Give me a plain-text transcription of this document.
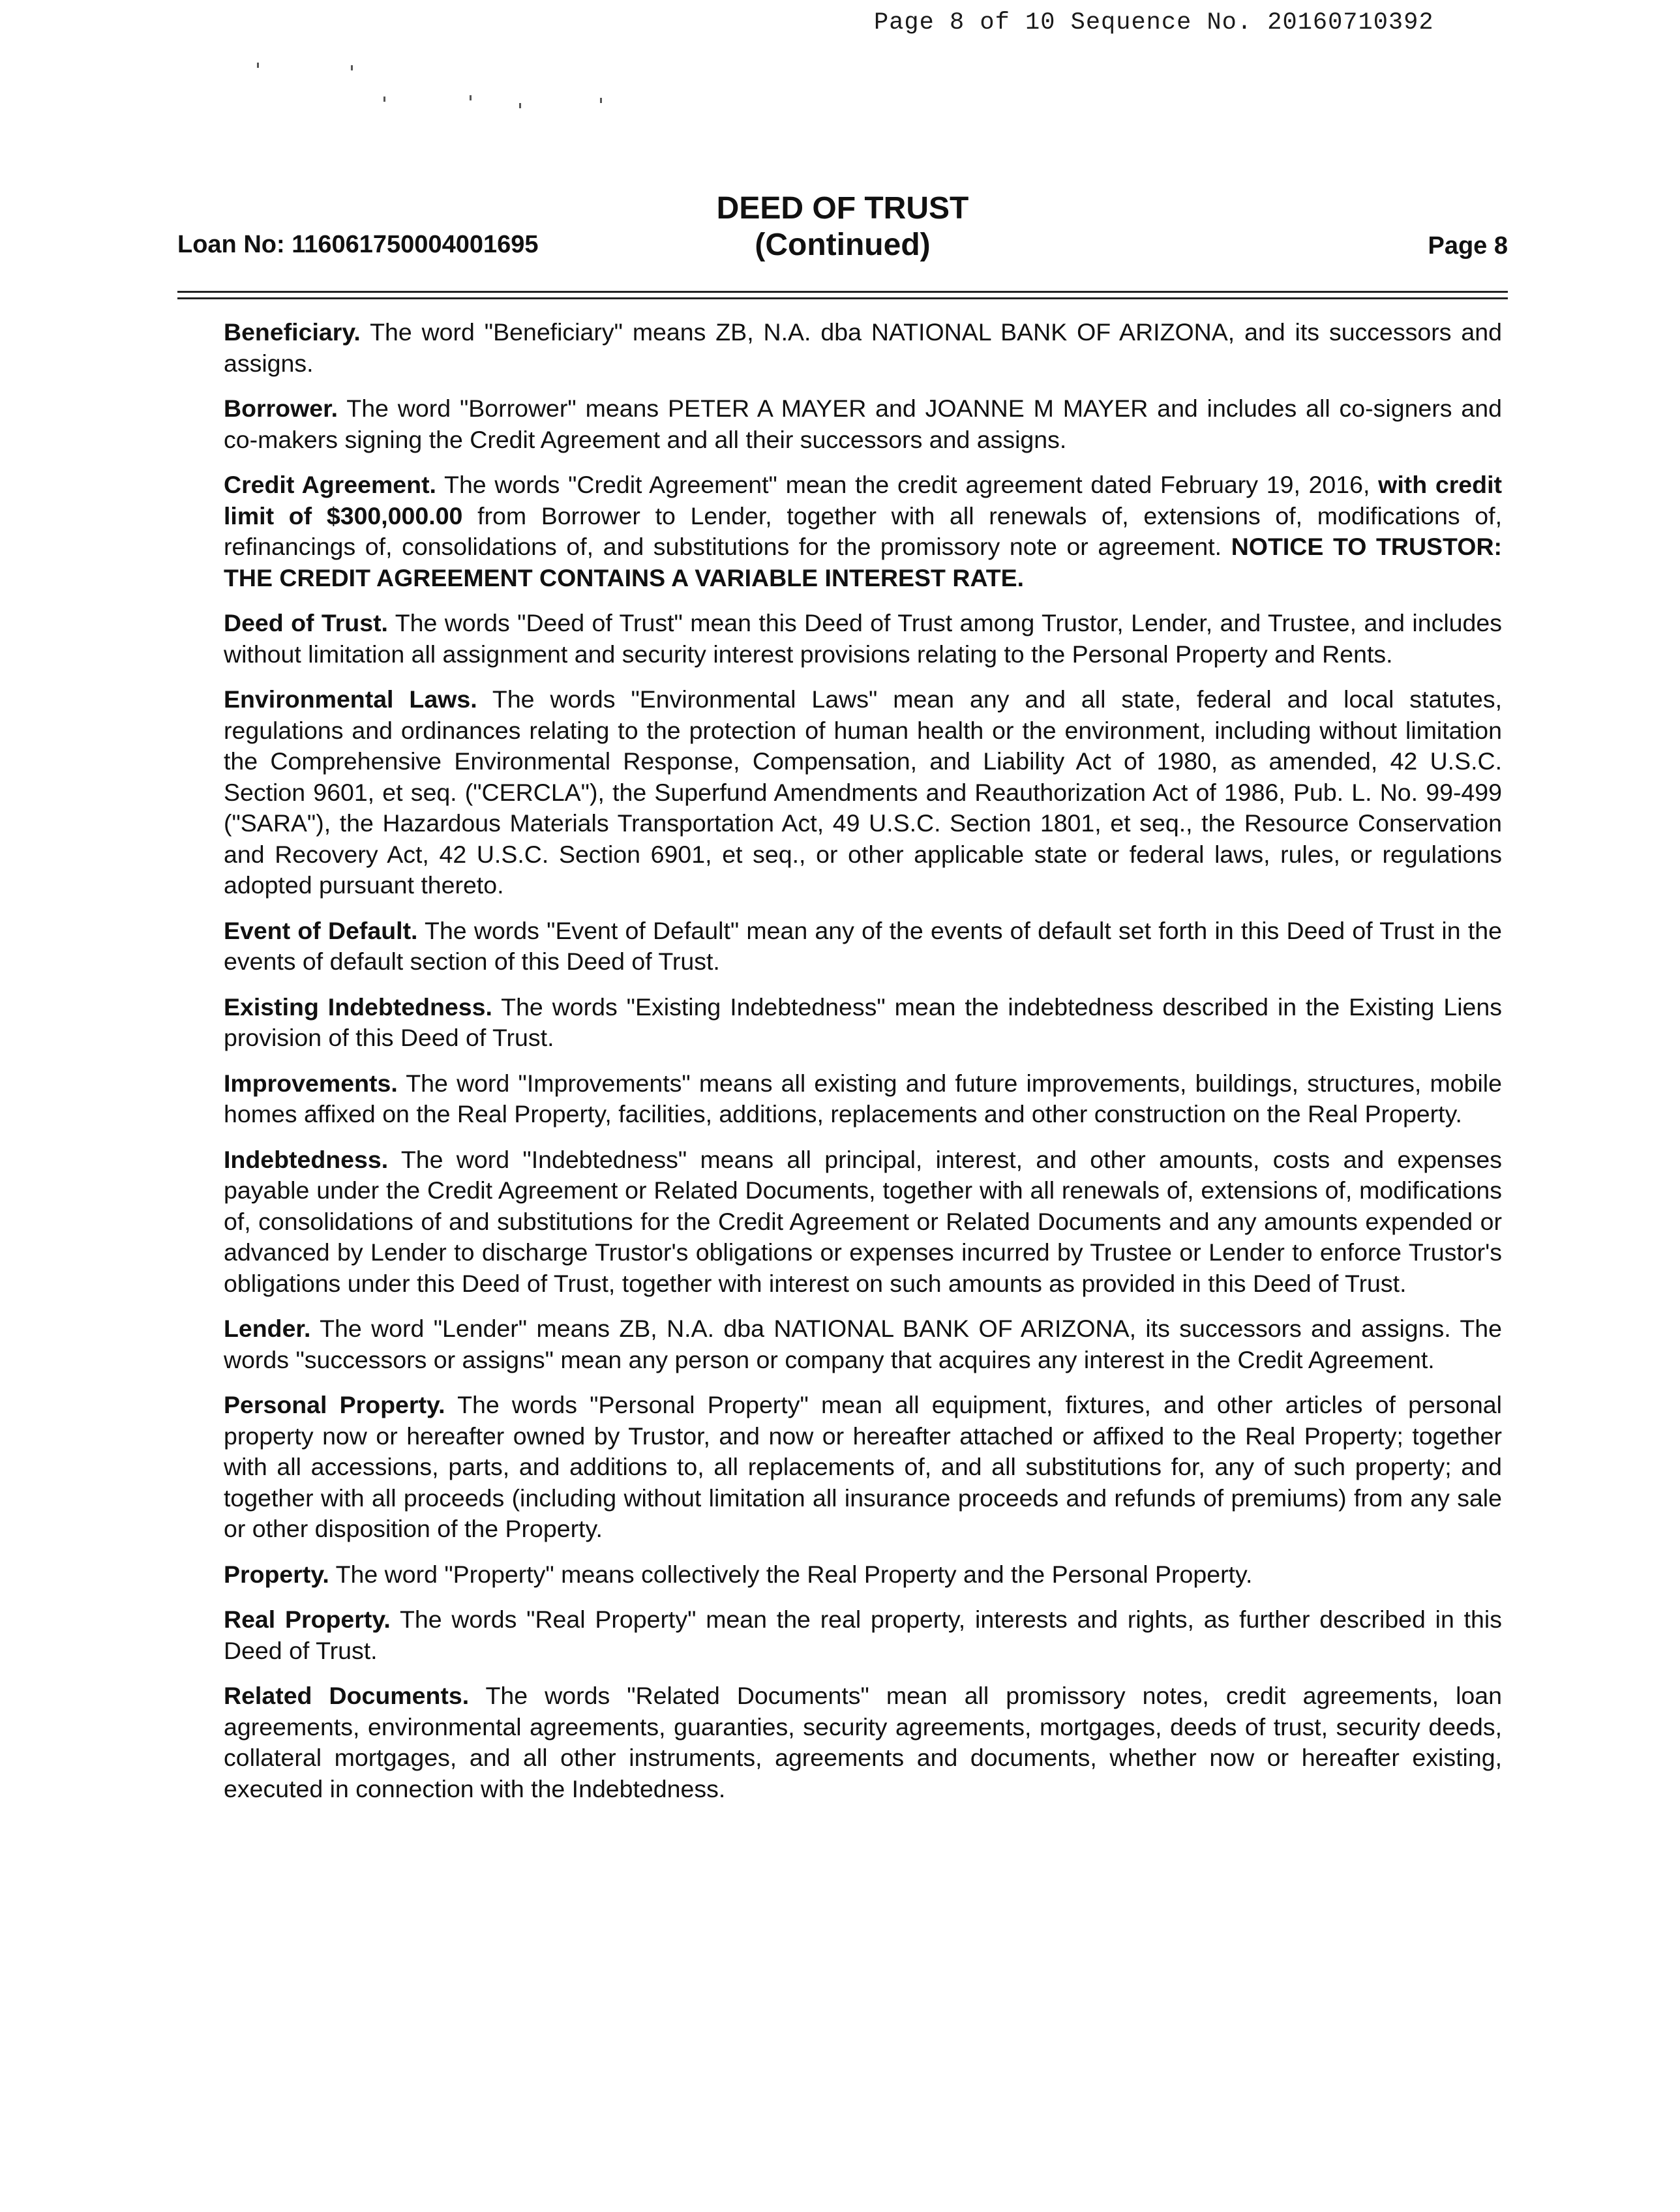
Page 8 of 10 Sequence No. 20160710392
Loan No: 116061750004001695
DEED OF TRUST
(Continued)	Page 8

Beneficiary. The word "Beneficiary" means ZB, N.A. dba NATIONAL BANK OF ARIZONA, and its successors and assigns.

Borrower. The word "Borrower" means PETER A MAYER and JOANNE M MAYER and includes all co-signers and co-makers signing the Credit Agreement and all their successors and assigns.

Credit Agreement. The words "Credit Agreement" mean the credit agreement dated February 19, 2016, with credit limit of $300,000.00 from Borrower to Lender, together with all renewals of, extensions of, modifications of, refinancings of, consolidations of, and substitutions for the promissory note or agreement. NOTICE TO TRUSTOR: THE CREDIT AGREEMENT CONTAINS A VARIABLE INTEREST RATE.

Deed of Trust. The words "Deed of Trust" mean this Deed of Trust among Trustor, Lender, and Trustee, and includes without limitation all assignment and security interest provisions relating to the Personal Property and Rents.

Environmental Laws. The words "Environmental Laws" mean any and all state, federal and local statutes, regulations and ordinances relating to the protection of human health or the environment, including without limitation the Comprehensive Environmental Response, Compensation, and Liability Act of 1980, as amended, 42 U.S.C. Section 9601, et seq. ("CERCLA"), the Superfund Amendments and Reauthorization Act of 1986, Pub. L. No. 99-499 ("SARA"), the Hazardous Materials Transportation Act, 49 U.S.C. Section 1801, et seq., the Resource Conservation and Recovery Act, 42 U.S.C. Section 6901, et seq., or other applicable state or federal laws, rules, or regulations adopted pursuant thereto.

Event of Default. The words "Event of Default" mean any of the events of default set forth in this Deed of Trust in the events of default section of this Deed of Trust.

Existing Indebtedness. The words "Existing Indebtedness" mean the indebtedness described in the Existing Liens provision of this Deed of Trust.

Improvements. The word "Improvements" means all existing and future improvements, buildings, structures, mobile homes affixed on the Real Property, facilities, additions, replacements and other construction on the Real Property.

Indebtedness. The word "Indebtedness" means all principal, interest, and other amounts, costs and expenses payable under the Credit Agreement or Related Documents, together with all renewals of, extensions of, modifications of, consolidations of and substitutions for the Credit Agreement or Related Documents and any amounts expended or advanced by Lender to discharge Trustor's obligations or expenses incurred by Trustee or Lender to enforce Trustor's obligations under this Deed of Trust, together with interest on such amounts as provided in this Deed of Trust.

Lender. The word "Lender" means ZB, N.A. dba NATIONAL BANK OF ARIZONA, its successors and assigns. The words "successors or assigns" mean any person or company that acquires any interest in the Credit Agreement.

Personal Property. The words "Personal Property" mean all equipment, fixtures, and other articles of personal property now or hereafter owned by Trustor, and now or hereafter attached or affixed to the Real Property; together with all accessions, parts, and additions to, all replacements of, and all substitutions for, any of such property; and together with all proceeds (including without limitation all insurance proceeds and refunds of premiums) from any sale or other disposition of the Property.

Property. The word "Property" means collectively the Real Property and the Personal Property.

Real Property. The words "Real Property" mean the real property, interests and rights, as further described in this Deed of Trust.

Related Documents. The words "Related Documents" mean all promissory notes, credit agreements, loan agreements, environmental agreements, guaranties, security agreements, mortgages, deeds of trust, security deeds, collateral mortgages, and all other instruments, agreements and documents, whether now or hereafter existing, executed in connection with the Indebtedness.
